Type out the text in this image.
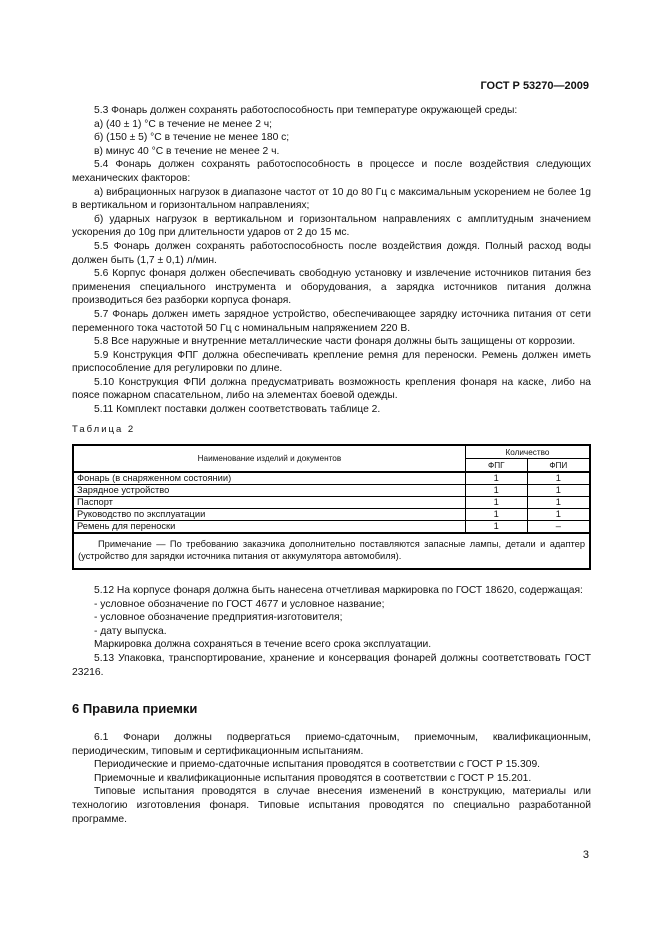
ГОСТ Р 53270—2009

5.3 Фонарь должен сохранять работоспособность при температуре окружающей среды:

а) (40 ± 1) °С в течение не менее 2 ч;

б) (150 ± 5) °С в течение не менее 180 с;

в) минус 40 °С в течение не менее 2 ч.

5.4 Фонарь должен сохранять работоспособность в процессе и после воздействия следующих механических факторов:

а) вибрационных нагрузок в диапазоне частот от 10 до 80 Гц с максимальным ускорением не более 1g в вертикальном и горизонтальном направлениях;

б) ударных нагрузок в вертикальном и горизонтальном направлениях с амплитудным значением ускорения до 10g при длительности ударов от 2 до 15 мс.

5.5 Фонарь должен сохранять работоспособность после воздействия дождя. Полный расход воды должен быть (1,7 ± 0,1) л/мин.

5.6 Корпус фонаря должен обеспечивать свободную установку и извлечение источников питания без применения специального инструмента и оборудования, а зарядка источников питания должна производиться без разборки корпуса фонаря.

5.7 Фонарь должен иметь зарядное устройство, обеспечивающее зарядку источника питания от сети переменного тока частотой 50 Гц с номинальным напряжением 220 В.

5.8 Все наружные и внутренние металлические части фонаря должны быть защищены от коррозии.

5.9 Конструкция ФПГ должна обеспечивать крепление ремня для переноски. Ремень должен иметь приспособление для регулировки по длине.

5.10 Конструкция ФПИ должна предусматривать возможность крепления фонаря на каске, либо на поясе пожарном спасательном, либо на элементах боевой одежды.

5.11 Комплект поставки должен соответствовать таблице 2.

Таблица 2
Наименование изделий и документов	Количество	
	ФПГ	ФПИ
Фонарь (в снаряженном состоянии)	1	1
Зарядное устройство	1	1
Паспорт	1	1
Руководство по эксплуатации	1	1
Ремень для переноски	1	–
Примечание — По требованию заказчика дополнительно поставляются запасные лампы, детали и адаптер (устройство для зарядки источника питания от аккумулятора автомобиля).		

5.12 На корпусе фонаря должна быть нанесена отчетливая маркировка по ГОСТ 18620, содержащая:

- условное обозначение по ГОСТ 4677 и условное название;

- условное обозначение предприятия-изготовителя;

- дату выпуска.

Маркировка должна сохраняться в течение всего срока эксплуатации.

5.13 Упаковка, транспортирование, хранение и консервация фонарей должны соответствовать ГОСТ 23216.

6 Правила приемки

6.1 Фонари должны подвергаться приемо-сдаточным, приемочным, квалификационным, периодическим, типовым и сертификационным испытаниям.

Периодические и приемо-сдаточные испытания проводятся в соответствии с ГОСТ Р 15.309.

Приемочные и квалификационные испытания проводятся в соответствии с ГОСТ Р 15.201.

Типовые испытания проводятся в случае внесения изменений в конструкцию, материалы или технологию изготовления фонаря. Типовые испытания проводятся по специально разработанной программе.

3
